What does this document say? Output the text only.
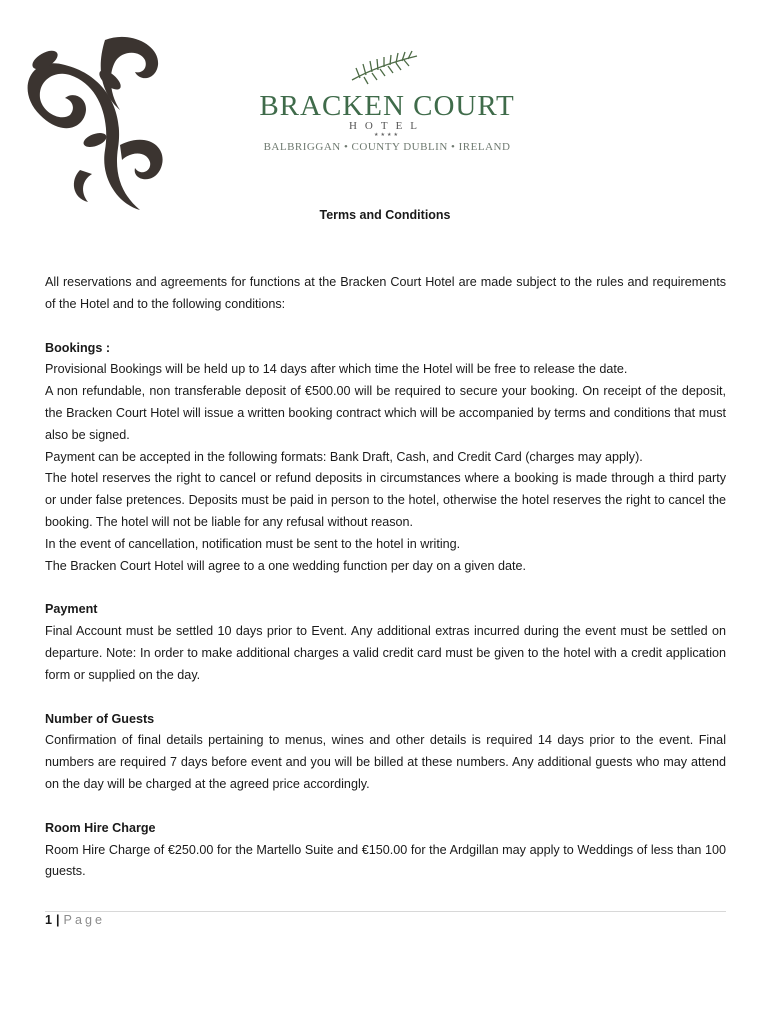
BRACKEN COURT
HOTEL
★★★★
BALBRIGGAN • COUNTY DUBLIN • IRELAND
Terms and Conditions

All reservations and agreements for functions at the Bracken Court Hotel are made subject to the rules and requirements of the Hotel and to the following conditions:

Bookings :

Provisional Bookings will be held up to 14 days after which time the Hotel will be free to release the date.

A non refundable, non transferable deposit of €500.00 will be required to secure your booking. On receipt of the deposit, the Bracken Court Hotel will issue a written booking contract which will be accompanied by terms and conditions that must also be signed.

Payment can be accepted in the following formats: Bank Draft, Cash, and Credit Card (charges may apply).

The hotel reserves the right to cancel or refund deposits in circumstances where a booking is made through a third party or under false pretences. Deposits must be paid in person to the hotel, otherwise the hotel reserves the right to cancel the booking. The hotel will not be liable for any refusal without reason.

In the event of cancellation, notification must be sent to the hotel in writing.

The Bracken Court Hotel will agree to a one wedding function per day on a given date.

Payment

Final Account must be settled 10 days prior to Event. Any additional extras incurred during the event must be settled on departure. Note: In order to make additional charges a valid credit card must be given to the hotel with a credit application form or supplied on the day.

Number of Guests

Confirmation of final details pertaining to menus, wines and other details is required 14 days prior to the event. Final numbers are required 7 days before event and you will be billed at these numbers. Any additional guests who may attend on the day will be charged at the agreed price accordingly.

Room Hire Charge

Room Hire Charge of €250.00 for the Martello Suite and €150.00 for the Ardgillan may apply to Weddings of less than 100 guests.

1 | Page
